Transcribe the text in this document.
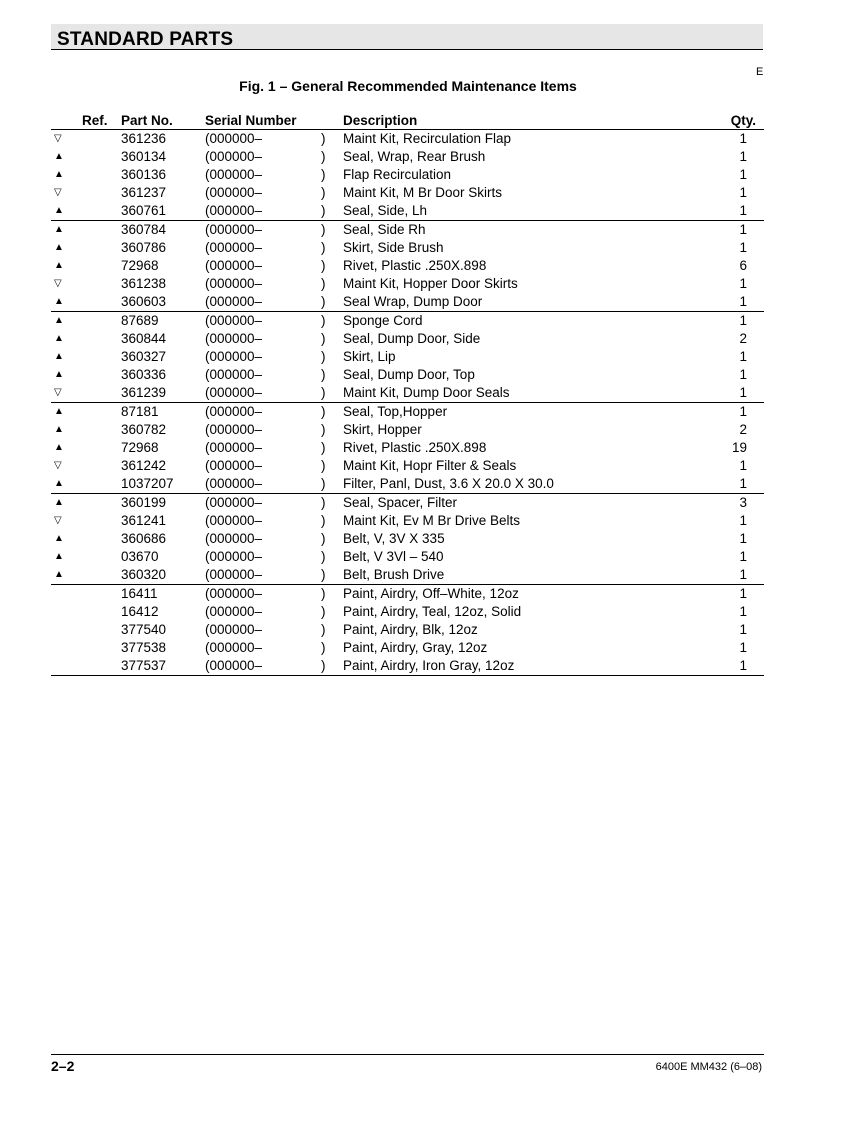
STANDARD PARTS
E
Fig. 1 – General Recommended Maintenance Items
Ref. Part No. Serial Number	Description	Qty.
▽	361236	(000000–	) Maint Kit, Recirculation Flap	1
▲	360134	(000000–	) Seal, Wrap, Rear Brush	1
▲	360136	(000000–	) Flap Recirculation	1
▽	361237	(000000–	) Maint Kit, M Br Door Skirts	1
▲	360761	(000000–	) Seal, Side, Lh	1
▲	360784	(000000–	) Seal, Side Rh	1
▲	360786	(000000–	) Skirt, Side Brush	1
▲	72968	(000000–	) Rivet, Plastic .250X.898	6
▽	361238	(000000–	) Maint Kit, Hopper Door Skirts	1
▲	360603	(000000–	) Seal Wrap, Dump Door	1
▲	87689	(000000–	) Sponge Cord	1
▲	360844	(000000–	) Seal, Dump Door, Side	2
▲	360327	(000000–	) Skirt, Lip	1
▲	360336	(000000–	) Seal, Dump Door, Top	1
▽	361239	(000000–	) Maint Kit, Dump Door Seals	1
▲	87181	(000000–	) Seal, Top,Hopper	1
▲	360782	(000000–	) Skirt, Hopper	2
▲	72968	(000000–	) Rivet, Plastic .250X.898	19
▽	361242	(000000–	) Maint Kit, Hopr Filter & Seals	1
▲	1037207 (000000–	) Filter, Panl, Dust, 3.6 X 20.0 X 30.0	1
▲	360199	(000000–	) Seal, Spacer, Filter	3
▽	361241	(000000–	) Maint Kit, Ev M Br Drive Belts	1
▲	360686	(000000–	) Belt, V, 3V X 335	1
▲	03670	(000000–	) Belt, V 3Vl – 540	1
▲	360320	(000000–	) Belt, Brush Drive	1
16411	(000000–	) Paint, Airdry, Off–White, 12oz	1
16412	(000000–	) Paint, Airdry, Teal, 12oz, Solid	1
377540	(000000–	) Paint, Airdry, Blk, 12oz	1
377538	(000000–	) Paint, Airdry, Gray, 12oz	1
377537	(000000–	) Paint, Airdry, Iron Gray, 12oz	1
2–2	6400E MM432 (6–08)
